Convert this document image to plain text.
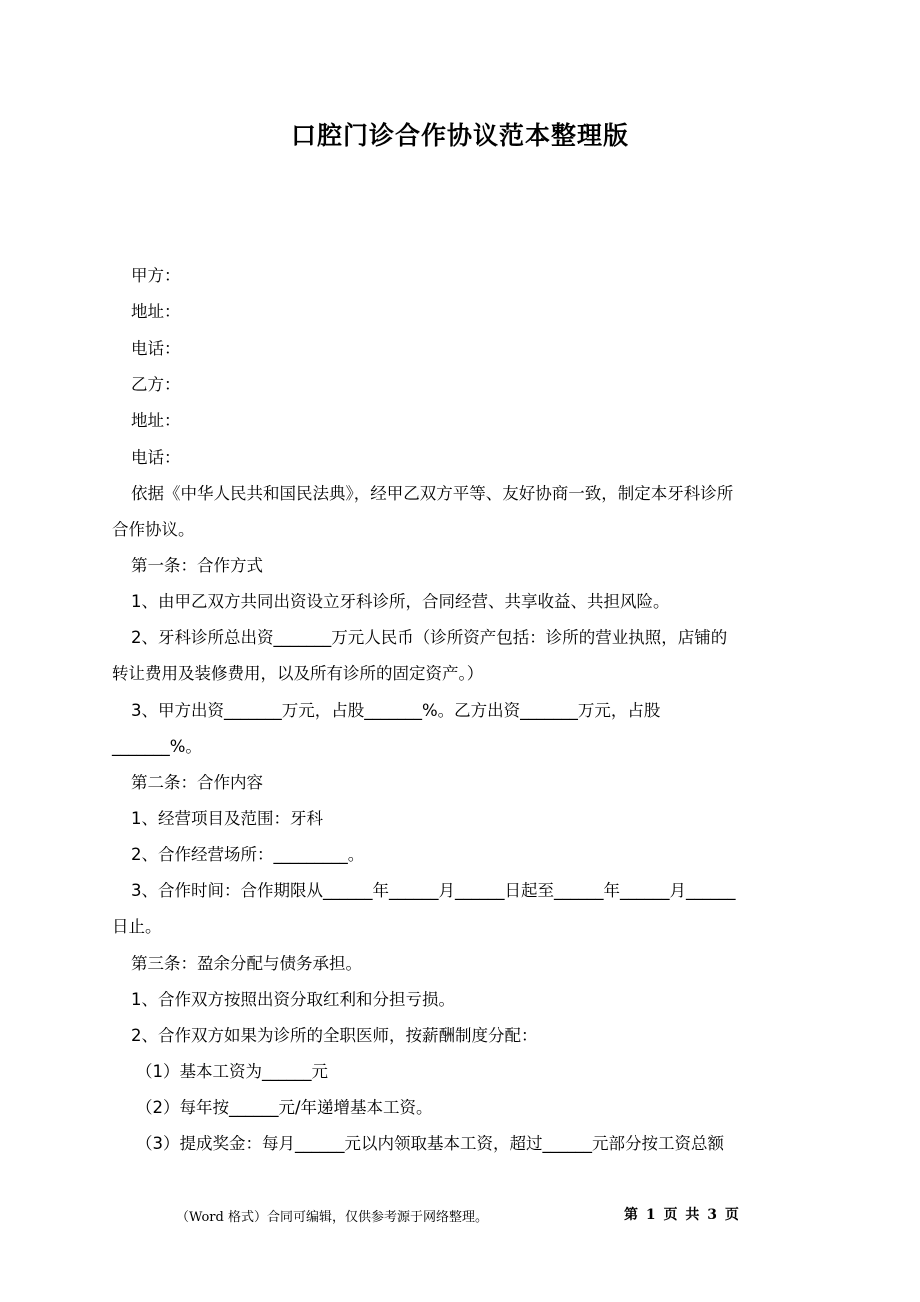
口腔门诊合作协议范本整理版
甲方：
地址：
电话：
乙方：
地址：
电话：
依据《中华人民共和国民法典》，经甲乙双方平等、友好协商一致，制定本牙科诊所
合作协议。
第一条：合作方式
1、由甲乙双方共同出资设立牙科诊所，合同经营、共享收益、共担风险。
2、牙科诊所总出资_______万元人民币（诊所资产包括：诊所的营业执照，店铺的
转让费用及装修费用，以及所有诊所的固定资产。）
3、甲方出资_______万元，占股_______%。乙方出资_______万元，占股
_______%。
第二条：合作内容
1、经营项目及范围：牙科
2、合作经营场所：_________。
3、合作时间：合作期限从______年______月______日起至______年______月______
日止。
第三条：盈余分配与债务承担。
1、合作双方按照出资分取红利和分担亏损。
2、合作双方如果为诊所的全职医师，按薪酬制度分配：
（1）基本工资为______元
（2）每年按______元/年递增基本工资。
（3）提成奖金：每月______元以内领取基本工资，超过______元部分按工资总额
（Word 格式）合同可编辑，仅供参考源于网络整理。	第 1 页 共 3 页
